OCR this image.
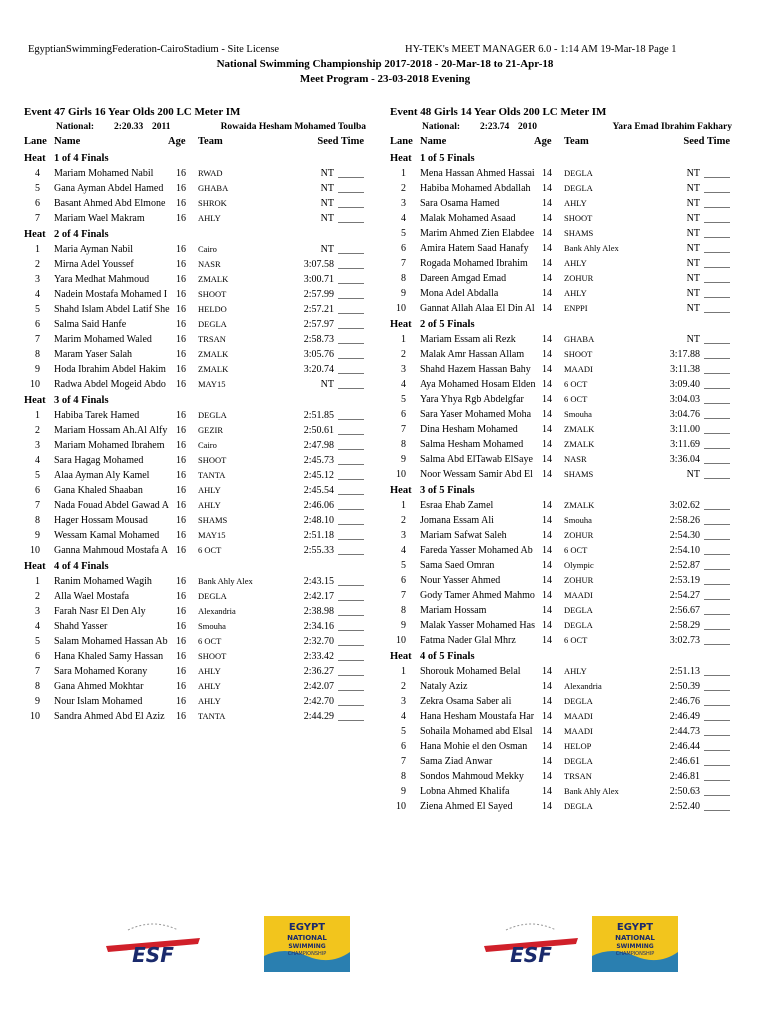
EgyptianSwimmingFederation-CairoStadium - Site License	HY-TEK's MEET MANAGER 6.0 - 1:14 AM 19-Mar-18 Page 1
National Swimming Championship 2017-2018 - 20-Mar-18 to 21-Apr-18
Meet Program - 23-03-2018 Evening
Event 47 Girls 16 Year Olds 200 LC Meter IM
National: 2:20.33 2011	Rowaida Hesham Mohamed Toulba
Lane Name	Age Team	Seed Time
Heat 1 of 4 Finals
4 Mariam Mohamed Nabil	16 RWAD	NT
5 Gana Ayman Abdel Hamed	16 GHABA	NT
6 Basant Ahmed Abd Elmone	16 SHROK	NT
7 Mariam Wael Makram	16 AHLY	NT
Heat 2 of 4 Finals
1 Maria Ayman Nabil	16 Cairo	NT
2 Mirna Adel Youssef	16 NASR	3:07.58
3 Yara Medhat Mahmoud	16 ZMALK	3:00.71
4 Nadein Mostafa Mohamed I 16 SHOOT	2:57.99
5 Shahd Islam Abdel Latif She 16 HELDO	2:57.21
6 Salma Said Hanfe	16 DEGLA	2:57.97
7 Marim Mohamed Waled	16 TRSAN	2:58.73
8 Maram Yaser Salah	16 ZMALK	3:05.76
9 Hoda Ibrahim Abdel Hakim	16 ZMALK	3:20.74
10 Radwa Abdel Mogeid Abdo	16 MAY15	NT
Heat 3 of 4 Finals
1 Habiba Tarek Hamed	16 DEGLA	2:51.85
2 Mariam Hossam Ah.Al Alfy 16 GEZIR	2:50.61
3 Mariam Mohamed Ibrahem	16 Cairo	2:47.98
4 Sara Hagag Mohamed	16 SHOOT	2:45.73
5 Alaa Ayman Aly Kamel	16 TANTA	2:45.12
6 Gana Khaled Shaaban	16 AHLY	2:45.54
7 Nada Fouad Abdel Gawad A 16 AHLY	2:46.06
8 Hager Hossam Mousad	16 SHAMS	2:48.10
9 Wessam Kamal Mohamed	16 MAY15	2:51.18
10 Ganna Mahmoud Mostafa A 16 6 OCT	2:55.33
Heat 4 of 4 Finals
1 Ranim Mohamed Wagih	16 Bank Ahly Alex	2:43.15
2 Alla Wael Mostafa	16 DEGLA	2:42.17
3 Farah Nasr El Den Aly	16 Alexandria	2:38.98
4 Shahd Yasser	16 Smouha	2:34.16
5 Salam Mohamed Hassan Ab 16 6 OCT	2:32.70
6 Hana Khaled Samy Hassan	16 SHOOT	2:33.42
7 Sara Mohamed Korany	16 AHLY	2:36.27
8 Gana Ahmed Mokhtar	16 AHLY	2:42.07
9 Nour Islam Mohamed	16 AHLY	2:42.70
10 Sandra Ahmed Abd El Aziz	16 TANTA	2:44.29
Event 48 Girls 14 Year Olds 200 LC Meter IM
National: 2:23.74 2010	Yara Emad Ibrahim Fakhary
Lane Name	Age Team	Seed Time
Heat 1 of 5 Finals
1 Mena Hassan Ahmed Hassai 14 DEGLA	NT
2 Habiba Mohamed Abdallah	14 DEGLA	NT
3 Sara Osama Hamed	14 AHLY	NT
4 Malak Mohamed Asaad	14 SHOOT	NT
5 Marim Ahmed Zien Elabdee 14 SHAMS	NT
6 Amira Hatem Saad Hanafy	14 Bank Ahly Alex	NT
7 Rogada Mohamed Ibrahim	14 AHLY	NT
8 Dareen Amgad Emad	14 ZOHUR	NT
9 Mona Adel Abdalla	14 AHLY	NT
10 Gannat Allah Alaa El Din Al 14 ENPPI	NT
Heat 2 of 5 Finals
1 Mariam Essam ali Rezk	14 GHABA	NT
2 Malak Amr Hassan Allam	14 SHOOT	3:17.88
3 Shahd Hazem Hassan Bahy	14 MAADI	3:11.38
4 Aya Mohamed Hosam Elden 14 6 OCT	3:09.40
5 Yara Yhya Rgb Abdelgfar	14 6 OCT	3:04.03
6 Sara Yaser Mohamed Moha	14 Smouha	3:04.76
7 Dina Hesham Mohamed	14 ZMALK	3:11.00
8 Salma Hesham Mohamed	14 ZMALK	3:11.69
9 Salma Abd ElTawab ElSaye 14 NASR	3:36.04
10 Noor Wessam Samir Abd El 14 SHAMS	NT
Heat 3 of 5 Finals
1 Esraa Ehab Zamel	14 ZMALK	3:02.62
2 Jomana Essam Ali	14 Smouha	2:58.26
3 Mariam Safwat Saleh	14 ZOHUR	2:54.30
4 Fareda Yasser Mohamed Ab 14 6 OCT	2:54.10
5 Sama Saed Omran	14 Olympic	2:52.87
6 Nour Yasser Ahmed	14 ZOHUR	2:53.19
7 Gody Tamer Ahmed Mahmo 14 MAADI	2:54.27
8 Mariam Hossam	14 DEGLA	2:56.67
9 Malak Yasser Mohamed Has 14 DEGLA	2:58.29
10 Fatma Nader Glal Mhrz	14 6 OCT	3:02.73
Heat 4 of 5 Finals
1 Shorouk Mohamed Belal	14 AHLY	2:51.13
2 Nataly Aziz	14 Alexandria	2:50.39
3 Zekra Osama Saber ali	14 DEGLA	2:46.76
4 Hana Hesham Moustafa Har 14 MAADI	2:46.49
5 Sohaila Mohamed abd Elsal 14 MAADI	2:44.73
6 Hana Mohie el den Osman	14 HELOP	2:46.44
7 Sama Ziad Anwar	14 DEGLA	2:46.61
8 Sondos Mahmoud Mekky	14 TRSAN	2:46.81
9 Lobna Ahmed Khalifa	14 Bank Ahly Alex	2:50.63
10 Ziena Ahmed El Sayed	14 DEGLA	2:52.40
ESF
EGYPT
NATIONAL
SWIMMING
CHAMPIONSHIP	ESF
EGYPT
NATIONAL
SWIMMING
CHAMPIONSHIP
